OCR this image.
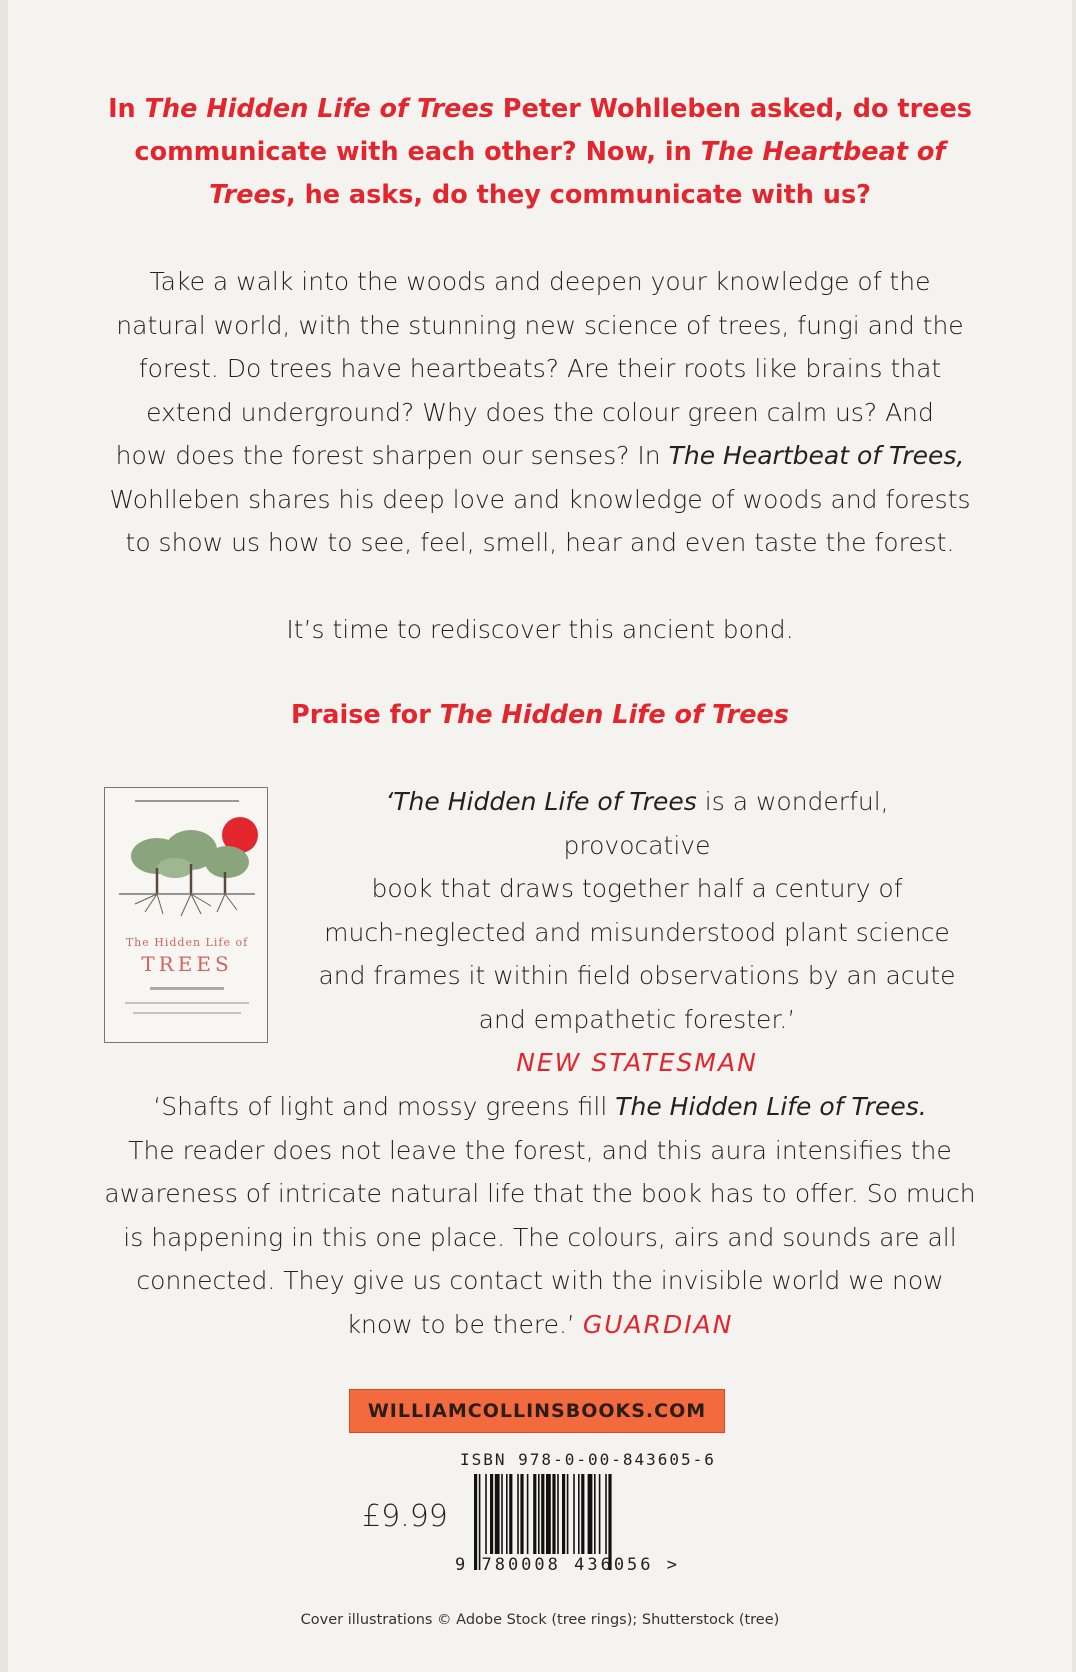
In The Hidden Life of Trees Peter Wohlleben asked, do trees
communicate with each other? Now, in The Heartbeat of
Trees, he asks, do they communicate with us?
Take a walk into the woods and deepen your knowledge of the
natural world, with the stunning new science of trees, fungi and the
forest. Do trees have heartbeats? Are their roots like brains that
extend underground? Why does the colour green calm us? And
how does the forest sharpen our senses? In The Heartbeat of Trees,
Wohlleben shares his deep love and knowledge of woods and forests
to show us how to see, feel, smell, hear and even taste the forest.
It’s time to rediscover this ancient bond.
Praise for The Hidden Life of Trees
The Hidden Life of
TREES
‘The Hidden Life of Trees is a wonderful, provocative
book that draws together half a century of
much-neglected and misunderstood plant science
and frames it within field observations by an acute
and empathetic forester.’
NEW STATESMAN
‘Shafts of light and mossy greens fill The Hidden Life of Trees.
The reader does not leave the forest, and this aura intensifies the
awareness of intricate natural life that the book has to offer. So much
is happening in this one place. The colours, airs and sounds are all
connected. They give us contact with the invisible world we now
know to be there.’ GUARDIAN
WILLIAMCOLLINSBOOKS.COM
ISBN 978-0-00-843605-6
£9.99
9 780008 436056 >
Cover illustrations © Adobe Stock (tree rings); Shutterstock (tree)
